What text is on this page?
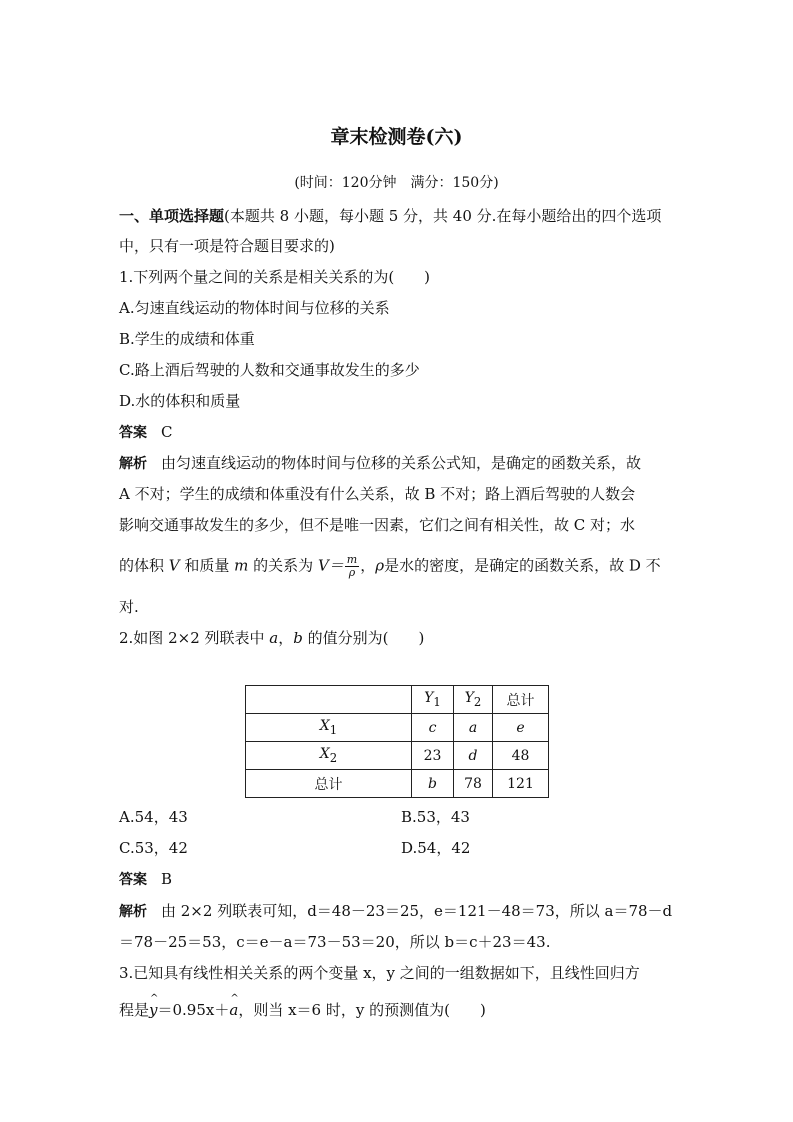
章末检测卷(六)
(时间：120分钟　满分：150分)
一、单项选择题(本题共 8 小题，每小题 5 分，共 40 分.在每小题给出的四个选项
中，只有一项是符合题目要求的)
1.下列两个量之间的关系是相关关系的为(　　)
A.匀速直线运动的物体时间与位移的关系
B.学生的成绩和体重
C.路上酒后驾驶的人数和交通事故发生的多少
D.水的体积和质量
答案 C
解析 由匀速直线运动的物体时间与位移的关系公式知，是确定的函数关系，故
A 不对；学生的成绩和体重没有什么关系，故 B 不对；路上酒后驾驶的人数会
影响交通事故发生的多少，但不是唯一因素，它们之间有相关性，故 C 对；水
的体积 V 和质量 m 的关系为 $V= \frac{m}{\rho}$ ，ρ是水的密度，是确定的函数关系，故 D 不
对.
2.如图 2×2 列联表中 a，b 的值分别为(　　)
	$Y_1$	$Y_2$	总计
$X_1$	c	a	e
$X_2$	23	d	48
总计	b	78	121
A.54，43	B.53，43
C.53，42	D.54，42
答案 B
解析 由 2×2 列联表可知，d＝48－23＝25，e＝121－48＝73，所以 a＝78－d
＝78－25＝53，c＝e－a＝73－53＝20，所以 b＝c＋23＝43.
3.已知具有线性相关关系的两个变量 x，y 之间的一组数据如下，且线性回归方
程是^ y＝0.95x＋^ a，则当 x＝6 时，y 的预测值为(　　)
